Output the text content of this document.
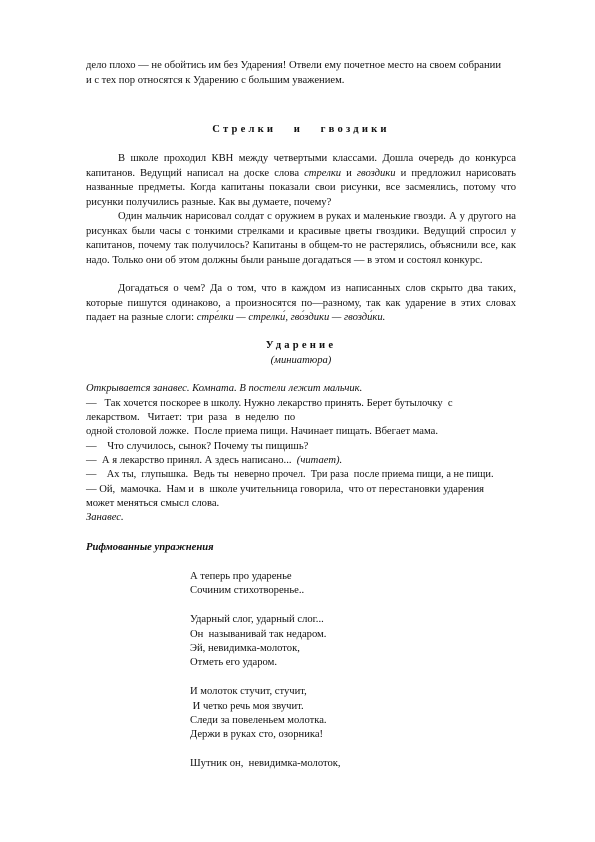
дело плохо — не обойтись им без Ударения! Отвели ему почетное место на своем собрании
и с тех пор относятся к Ударению с большим уважением.
Стрелки   и   гвоздики
В школе проходил КВН между четвертыми классами. Дошла очередь до конкурса капитанов. Ведущий написал на доске слова стрелки и гвоздики и предложил нарисовать названные предметы. Когда капитаны показали свои рисунки, все засмеялись, потому что рисунки получились разные. Как вы думаете, почему?
Один мальчик нарисовал солдат с оружием в руках и маленькие гвозди. А у другого на рисунках были часы с тонкими стрелками и красивые цветы гвоздики. Ведущий спросил у капитанов, почему так получилось? Капитаны в общем-то не растерялись, объяснили все, как надо. Только они об этом должны были раньше догадаться — в этом и состоял конкурс.
Догадаться о чем? Да о том, что в каждом из написанных слов скрыто два таких, которые пишутся одинаково, а произносятся по—разному, так как ударение в этих словах падает на разные слоги: стре́лки — стрелки́, гво́здики — гвозди́ки.
Ударение
(миниатюра)
Открывается занавес. Комната. В постели лежит мальчик.
—   Так хочется поскорее в школу. Нужно лекарство принять. Берет бутылочку  с
лекарством.   Читает:  три  раза   в  неделю  по
одной столовой ложке.  После приема пищи. Начинает пищать. Вбегает мама.
—    Что случилось, сынок? Почему ты пищишь?
—  А я лекарство принял. А здесь написано...  (читает).
—    Ах ты,  глупышка.  Ведь ты  неверно прочел.  Три раза  после приема пищи, а не пищи.
— Ой,  мамочка.  Нам и  в  школе учительница говорила,  что от перестановки ударения
может меняться смысл слова.
Занавес.
Рифмованные упражнения
А теперь про ударенье
Сочиним стихотворенье..
Ударный слог, ударный слог...
Он  называнивай так недаром.
Эй, невидимка-молоток,
Отметь его ударом.
И молоток стучит, стучит,
И четко речь моя звучит.
Следи за повеленьем молотка.
Держи в руках сто, озорника!
Шутник он,  невидимка-молоток,
